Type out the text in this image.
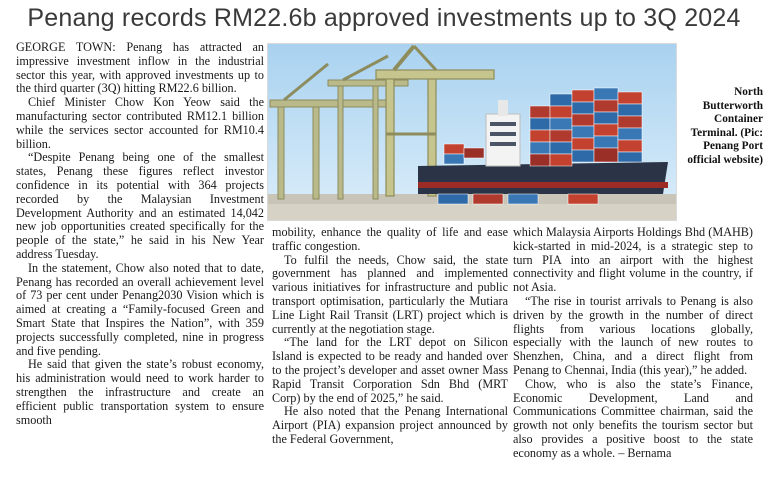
Penang records RM22.6b approved investments up to 3Q 2024

GEORGE TOWN: Penang has attracted an impressive investment inflow in the industrial sector this year, with approved investments up to the third quarter (3Q) hitting RM22.6 billion.

Chief Minister Chow Kon Yeow said the manufacturing sector contributed RM12.1 billion while the services sector accounted for RM10.4 billion.

“Despite Penang being one of the smallest states, Penang these figures reflect investor confidence in its potential with 364 projects recorded by the Malaysian Investment Development Authority and an estimated 14,042 new job opportunities created specifically for the people of the state,” he said in his New Year address Tuesday.

In the statement, Chow also noted that to date, Penang has recorded an overall achievement level of 73 per cent under Penang2030 Vision which is aimed at creating a “Family-focused Green and Smart State that Inspires the Nation”, with 359 projects successfully completed, nine in progress and five pending.

He said that given the state’s robust economy, his administration would need to work harder to strengthen the infrastructure and create an efficient public transportation system to ensure smooth

North Butterworth Container Terminal. (Pic: Penang Port official website)

mobility, enhance the quality of life and ease traffic congestion.

To fulfil the needs, Chow said, the state government has planned and implemented various initiatives for infrastructure and public transport optimisation, particularly the Mutiara Line Light Rail Transit (LRT) project which is currently at the negotiation stage.

“The land for the LRT depot on Silicon Island is expected to be ready and handed over to the project’s developer and asset owner Mass Rapid Transit Corporation Sdn Bhd (MRT Corp) by the end of 2025,” he said.

He also noted that the Penang International Airport (PIA) expansion project announced by the Federal Government,

which Malaysia Airports Holdings Bhd (MAHB) kick-started in mid-2024, is a strategic step to turn PIA into an airport with the highest connectivity and flight volume in the country, if not Asia.

“The rise in tourist arrivals to Penang is also driven by the growth in the number of direct flights from various locations globally, especially with the launch of new routes to Shenzhen, China, and a direct flight from Penang to Chennai, India (this year),” he added.

Chow, who is also the state’s Finance, Economic Development, Land and Communications Committee chairman, said the growth not only benefits the tourism sector but also provides a positive boost to the state economy as a whole. – Bernama
